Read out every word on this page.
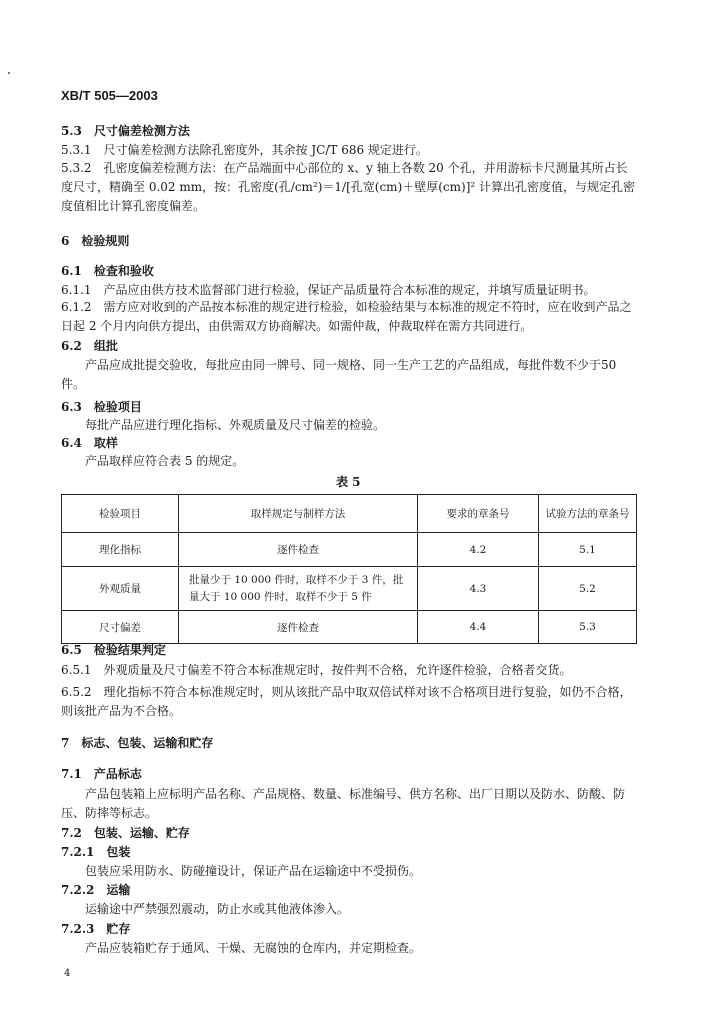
XB/T 505—2003
5.3　尺寸偏差检测方法
5.3.1　尺寸偏差检测方法除孔密度外，其余按 JC/T 686 规定进行。
5.3.2　孔密度偏差检测方法：在产品端面中心部位的 x、y 轴上各数 20 个孔，并用游标卡尺测量其所占长度尺寸，精确至 0.02 mm，按：孔密度(孔/cm²)＝1/[孔宽(cm)＋壁厚(cm)]² 计算出孔密度值，与规定孔密度值相比计算孔密度偏差。
6　检验规则
6.1　检查和验收
6.1.1　产品应由供方技术监督部门进行检验，保证产品质量符合本标准的规定，并填写质量证明书。
6.1.2　需方应对收到的产品按本标准的规定进行检验，如检验结果与本标准的规定不符时，应在收到产品之日起 2 个月内向供方提出，由供需双方协商解决。如需仲裁，仲裁取样在需方共同进行。
6.2　组批
产品应成批提交验收，每批应由同一牌号、同一规格、同一生产工艺的产品组成，每批件数不少于50 件。
6.3　检验项目
每批产品应进行理化指标、外观质量及尺寸偏差的检验。
6.4　取样
产品取样应符合表 5 的规定。
表 5
检验项目	取样规定与制样方法	要求的章条号	试验方法的章条号
理化指标	逐件检查	4.2	5.1
外观质量	批量少于 10 000 件时，取样不少于 3 件，批量大于 10 000 件时，取样不少于 5 件	4.3	5.2
尺寸偏差	逐件检查	4.4	5.3
6.5　检验结果判定
6.5.1　外观质量及尺寸偏差不符合本标准规定时，按件判不合格，允许逐件检验，合格者交货。
6.5.2　理化指标不符合本标准规定时，则从该批产品中取双倍试样对该不合格项目进行复验，如仍不合格，则该批产品为不合格。
7　标志、包装、运输和贮存
7.1　产品标志
产品包装箱上应标明产品名称、产品规格、数量、标准编号、供方名称、出厂日期以及防水、防酸、防压、防摔等标志。
7.2　包装、运输、贮存
7.2.1　包装
包装应采用防水、防碰撞设计，保证产品在运输途中不受损伤。
7.2.2　运输
运输途中严禁强烈震动，防止水或其他液体渗入。
7.2.3　贮存
产品应装箱贮存于通风、干燥、无腐蚀的仓库内，并定期检查。
4
